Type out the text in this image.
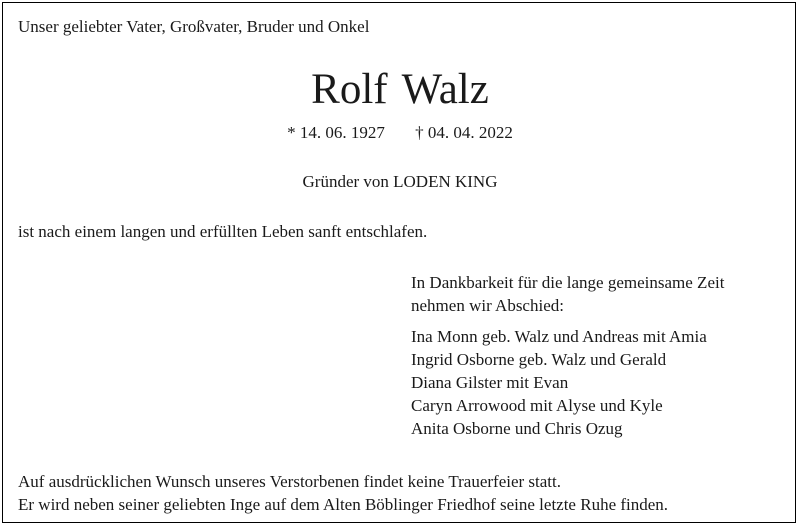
Unser geliebter Vater, Großvater, Bruder und Onkel
Rolf Walz
* 14. 06. 1927 † 04. 04. 2022
Gründer von LODEN KING
ist nach einem langen und erfüllten Leben sanft entschlafen.
In Dankbarkeit für die lange gemeinsame Zeit
nehmen wir Abschied:
Ina Monn geb. Walz und Andreas mit Amia
Ingrid Osborne geb. Walz und Gerald
Diana Gilster mit Evan
Caryn Arrowood mit Alyse und Kyle
Anita Osborne und Chris Ozug
Auf ausdrücklichen Wunsch unseres Verstorbenen findet keine Trauerfeier statt.
Er wird neben seiner geliebten Inge auf dem Alten Böblinger Friedhof seine letzte Ruhe finden.
